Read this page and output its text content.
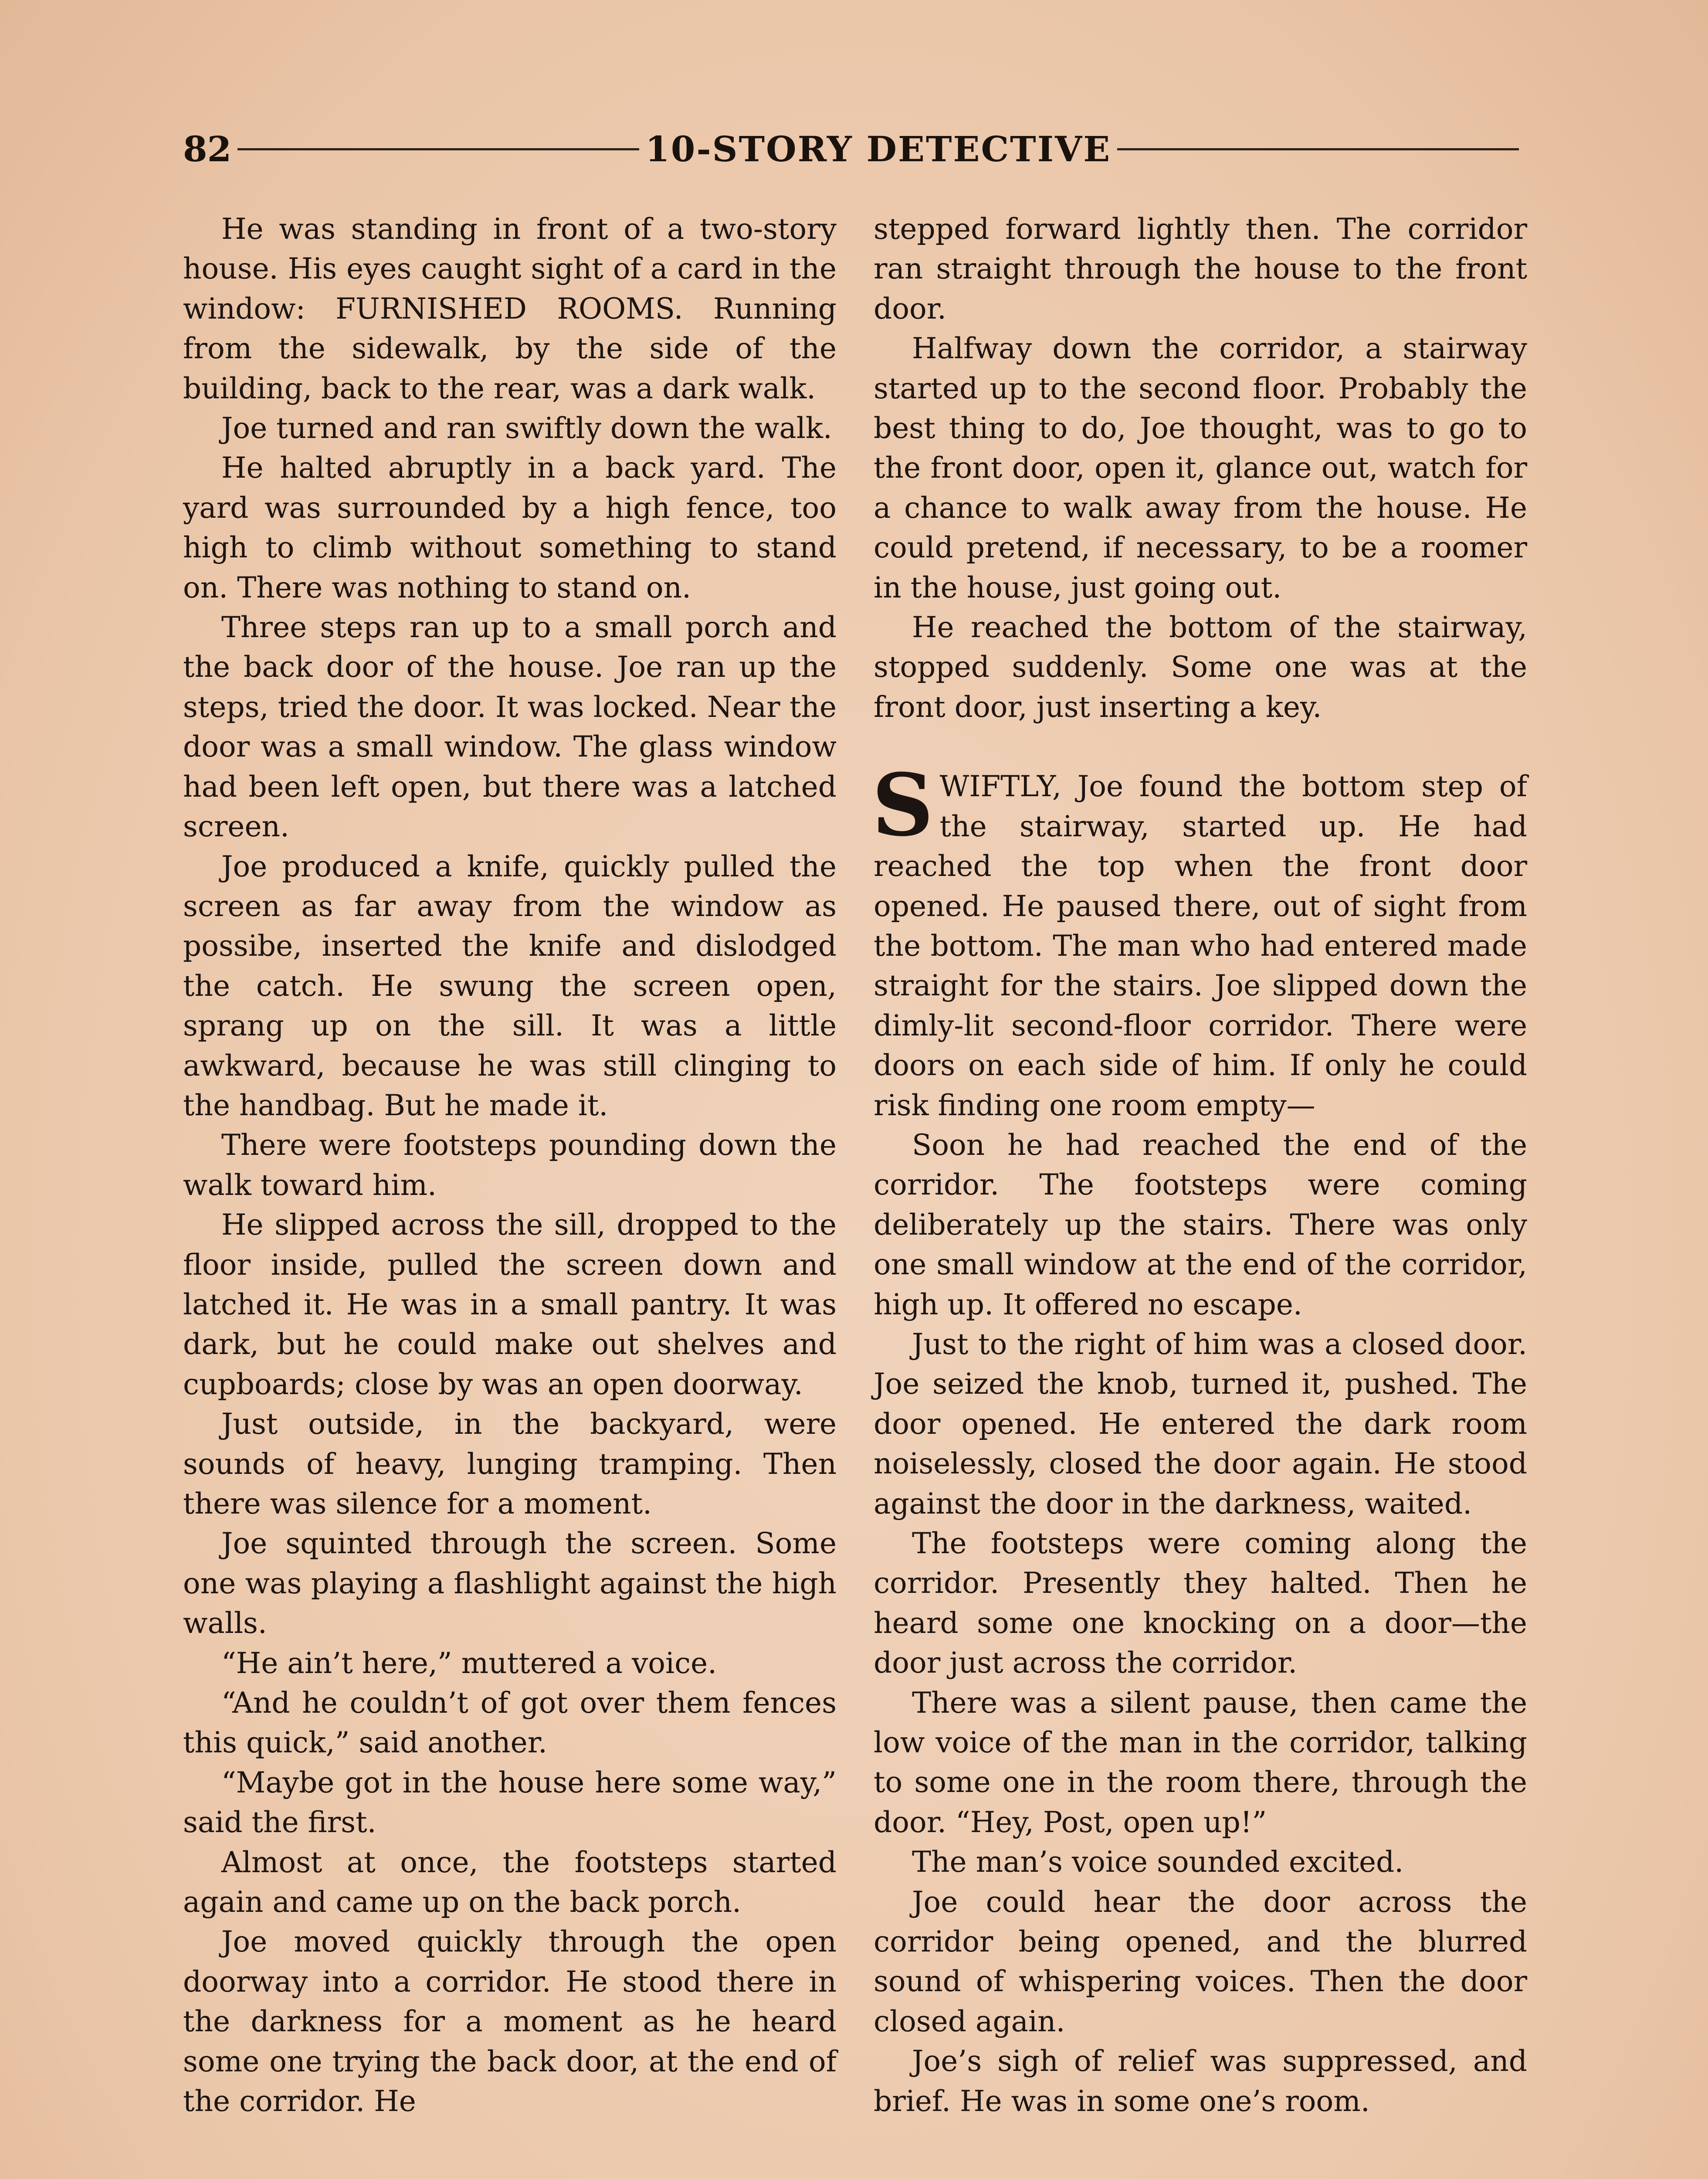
82	10-STORY DETECTIVE

He was standing in front of a two-story house. His eyes caught sight of a card in the window: FURNISHED ROOMS. Running from the sidewalk, by the side of the building, back to the rear, was a dark walk.

Joe turned and ran swiftly down the walk.

He halted abruptly in a back yard. The yard was surrounded by a high fence, too high to climb without something to stand on. There was nothing to stand on.

Three steps ran up to a small porch and the back door of the house. Joe ran up the steps, tried the door. It was locked. Near the door was a small window. The glass window had been left open, but there was a latched screen.

Joe produced a knife, quickly pulled the screen as far away from the window as possibe, inserted the knife and dislodged the catch. He swung the screen open, sprang up on the sill. It was a little awkward, because he was still clinging to the handbag. But he made it.

There were footsteps pounding down the walk toward him.

He slipped across the sill, dropped to the floor inside, pulled the screen down and latched it. He was in a small pantry. It was dark, but he could make out shelves and cupboards; close by was an open doorway.

Just outside, in the backyard, were sounds of heavy, lunging tramping. Then there was silence for a moment.

Joe squinted through the screen. Some one was playing a flashlight against the high walls.

“He ain’t here,” muttered a voice.

“And he couldn’t of got over them fences this quick,” said another.

“Maybe got in the house here some way,” said the first.

Almost at once, the footsteps started again and came up on the back porch.

Joe moved quickly through the open doorway into a corridor. He stood there in the darkness for a moment as he heard some one trying the back door, at the end of the corridor. He

stepped forward lightly then. The corridor ran straight through the house to the front door.

Halfway down the corridor, a stairway started up to the second floor. Probably the best thing to do, Joe thought, was to go to the front door, open it, glance out, watch for a chance to walk away from the house. He could pretend, if necessary, to be a roomer in the house, just going out.

He reached the bottom of the stairway, stopped suddenly. Some one was at the front door, just inserting a key.

SWIFTLY, Joe found the bottom step of the stairway, started up. He had reached the top when the front door opened. He paused there, out of sight from the bottom. The man who had entered made straight for the stairs. Joe slipped down the dimly-lit second-floor corridor. There were doors on each side of him. If only he could risk finding one room empty—

Soon he had reached the end of the corridor. The footsteps were coming deliberately up the stairs. There was only one small window at the end of the corridor, high up. It offered no escape.

Just to the right of him was a closed door. Joe seized the knob, turned it, pushed. The door opened. He entered the dark room noiselessly, closed the door again. He stood against the door in the darkness, waited.

The footsteps were coming along the corridor. Presently they halted. Then he heard some one knocking on a door—the door just across the corridor.

There was a silent pause, then came the low voice of the man in the corridor, talking to some one in the room there, through the door. “Hey, Post, open up!”

The man’s voice sounded excited.

Joe could hear the door across the corridor being opened, and the blurred sound of whispering voices. Then the door closed again.

Joe’s sigh of relief was suppressed, and brief. He was in some one’s room.
